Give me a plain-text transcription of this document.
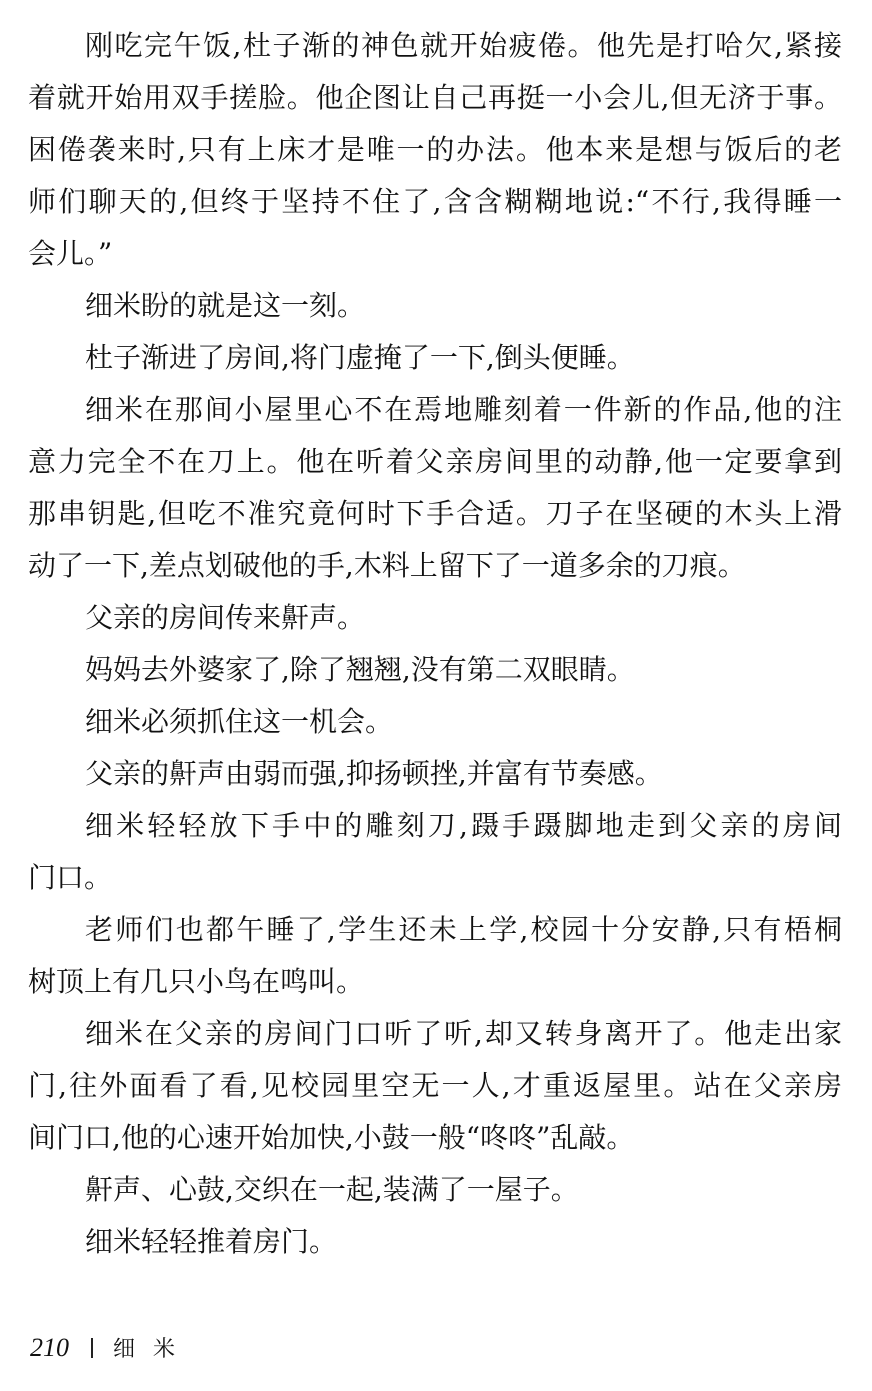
刚吃完午饭,杜子渐的神色就开始疲倦。他先是打哈欠,紧接
着就开始用双手搓脸。他企图让自己再挺一小会儿,但无济于事。
困倦袭来时,只有上床才是唯一的办法。他本来是想与饭后的老
师们聊天的,但终于坚持不住了,含含糊糊地说:“不行,我得睡一
会儿。”
细米盼的就是这一刻。
杜子渐进了房间,将门虚掩了一下,倒头便睡。
细米在那间小屋里心不在焉地雕刻着一件新的作品,他的注
意力完全不在刀上。他在听着父亲房间里的动静,他一定要拿到
那串钥匙,但吃不准究竟何时下手合适。刀子在坚硬的木头上滑
动了一下,差点划破他的手,木料上留下了一道多余的刀痕。
父亲的房间传来鼾声。
妈妈去外婆家了,除了翘翘,没有第二双眼睛。
细米必须抓住这一机会。
父亲的鼾声由弱而强,抑扬顿挫,并富有节奏感。
细米轻轻放下手中的雕刻刀,蹑手蹑脚地走到父亲的房间
门口。
老师们也都午睡了,学生还未上学,校园十分安静,只有梧桐
树顶上有几只小鸟在鸣叫。
细米在父亲的房间门口听了听,却又转身离开了。他走出家
门,往外面看了看,见校园里空无一人,才重返屋里。站在父亲房
间门口,他的心速开始加快,小鼓一般“咚咚”乱敲。
鼾声、心鼓,交织在一起,装满了一屋子。
细米轻轻推着房门。
210 细米
